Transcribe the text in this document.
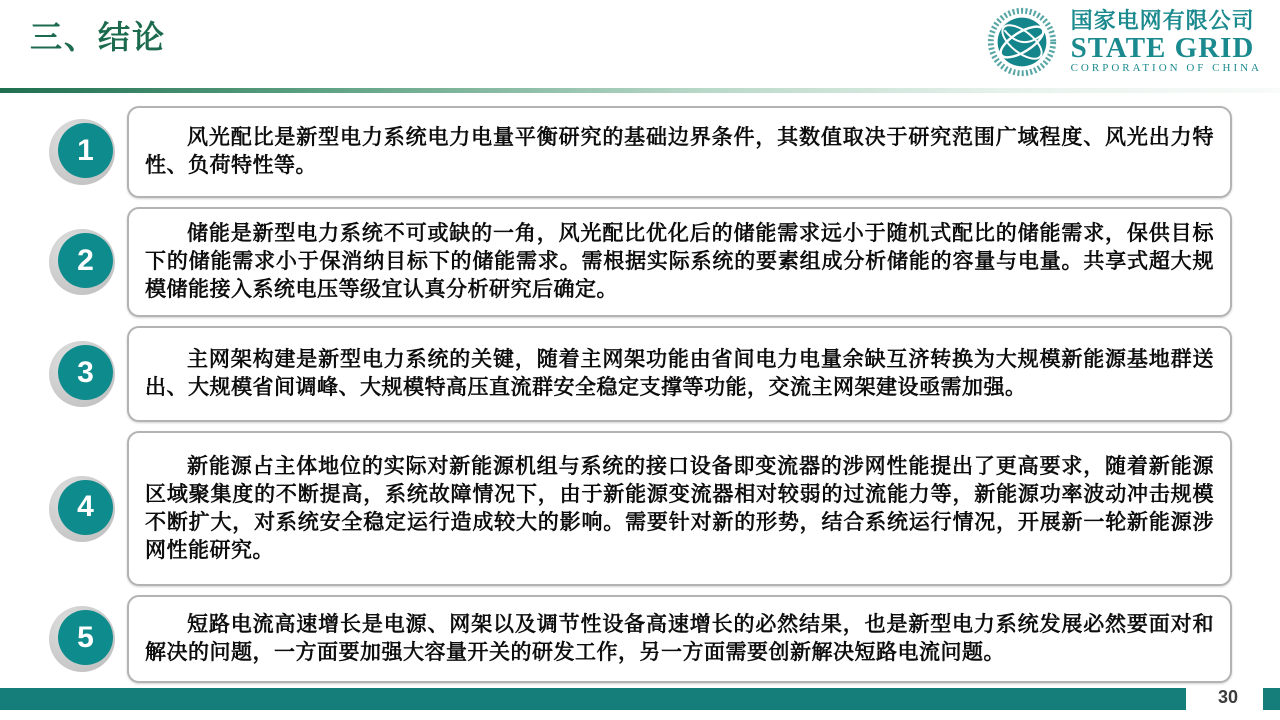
三、结论	国家电网有限公司
STATE GRID
CORPORATION OF CHINA
1	风光配比是新型电力系统电力电量平衡研究的基础边界条件，其数值取决于研究范围广域程度、风光出力特性、负荷特性等。

2

储能是新型电力系统不可或缺的一角，风光配比优化后的储能需求远小于随机式配比的储能需求，保供目标下的储能需求小于保消纳目标下的储能需求。需根据实际系统的要素组成分析储能的容量与电量。共享式超大规模储能接入系统电压等级宜认真分析研究后确定。

3	主网架构建是新型电力系统的关键，随着主网架功能由省间电力电量余缺互济转换为大规模新能源基地群送出、大规模省间调峰、大规模特高压直流群安全稳定支撑等功能，交流主网架建设亟需加强。

4

新能源占主体地位的实际对新能源机组与系统的接口设备即变流器的涉网性能提出了更高要求，随着新能源区域聚集度的不断提高，系统故障情况下，由于新能源变流器相对较弱的过流能力等，新能源功率波动冲击规模不断扩大，对系统安全稳定运行造成较大的影响。需要针对新的形势，结合系统运行情况，开展新一轮新能源涉网性能研究。

5	短路电流高速增长是电源、网架以及调节性设备高速增长的必然结果，也是新型电力系统发展必然要面对和解决的问题，一方面要加强大容量开关的研发工作，另一方面需要创新解决短路电流问题。

30
